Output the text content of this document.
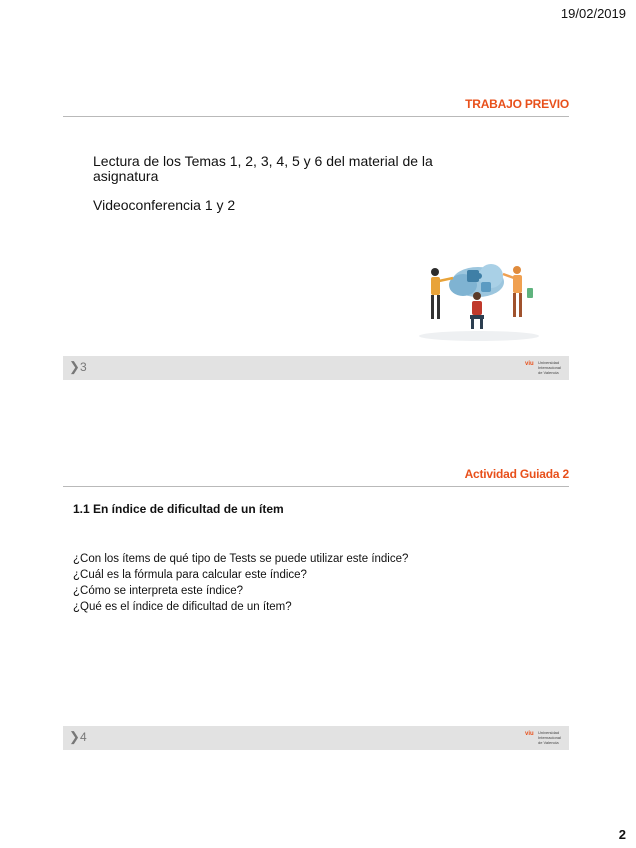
19/02/2019
TRABAJO PREVIO
Lectura de los Temas 1, 2, 3, 4, 5 y 6 del material de la asignatura
Videoconferencia 1 y 2
❯ 3	viu Universidad Internacional de Valencia
Actividad Guiada 2
1.1 En índice de dificultad de un ítem
¿Con los ítems de qué tipo de Tests se puede utilizar este índice?
¿Cuál es la fórmula para calcular este índice?
¿Cómo se interpreta este índice?
¿Qué es el índice de dificultad de un ítem?
❯ 4	viu Universidad Internacional de Valencia
2
